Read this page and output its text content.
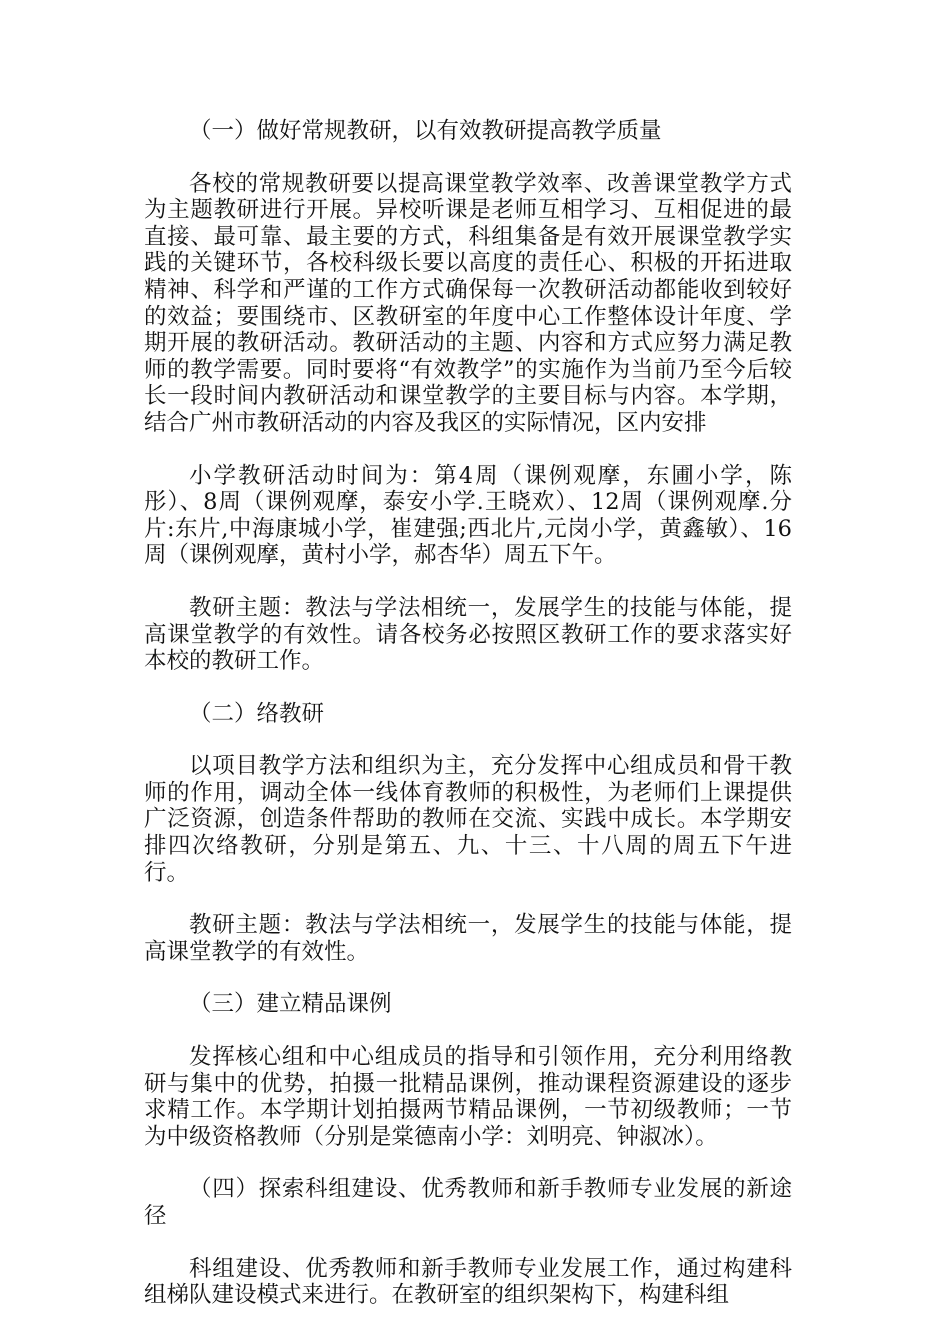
（一）做好常规教研，以有效教研提高教学质量

各校的常规教研要以提高课堂教学效率、改善课堂教学方式为主题教研进行开展。异校听课是老师互相学习、互相促进的最直接、最可靠、最主要的方式，科组集备是有效开展课堂教学实践的关键环节，各校科级长要以高度的责任心、积极的开拓进取精神、科学和严谨的工作方式确保每一次教研活动都能收到较好的效益；要围绕市、区教研室的年度中心工作整体设计年度、学期开展的教研活动。教研活动的主题、内容和方式应努力满足教师的教学需要。同时要将“有效教学”的实施作为当前乃至今后较长一段时间内教研活动和课堂教学的主要目标与内容。本学期，结合广州市教研活动的内容及我区的实际情况，区内安排

小学教研活动时间为：第4周（课例观摩，东圃小学，陈彤）、8周（课例观摩，泰安小学.王晓欢）、12周（课例观摩.分片:东片,中海康城小学，崔建强;西北片,元岗小学，黄鑫敏）、16周（课例观摩，黄村小学，郝杏华）周五下午。

教研主题：教法与学法相统一，发展学生的技能与体能，提高课堂教学的有效性。请各校务必按照区教研工作的要求落实好本校的教研工作。

（二）络教研

以项目教学方法和组织为主，充分发挥中心组成员和骨干教师的作用，调动全体一线体育教师的积极性，为老师们上课提供广泛资源，创造条件帮助的教师在交流、实践中成长。本学期安排四次络教研，分别是第五、九、十三、十八周的周五下午进行。

教研主题：教法与学法相统一，发展学生的技能与体能，提高课堂教学的有效性。

（三）建立精品课例

发挥核心组和中心组成员的指导和引领作用，充分利用络教研与集中的优势，拍摄一批精品课例，推动课程资源建设的逐步求精工作。本学期计划拍摄两节精品课例，一节初级教师；一节为中级资格教师（分别是棠德南小学：刘明亮、钟淑冰）。

（四）探索科组建设、优秀教师和新手教师专业发展的新途径

科组建设、优秀教师和新手教师专业发展工作，通过构建科组梯队建设模式来进行。在教研室的组织架构下，构建科组
